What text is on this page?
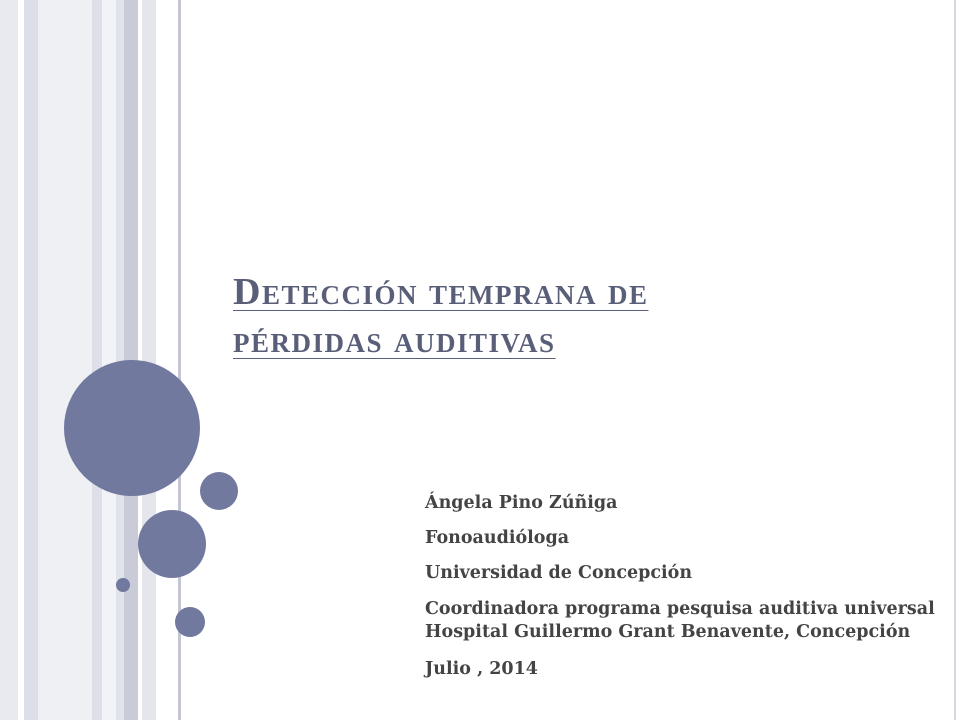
Detección temprana de
pérdidas auditivas
Ángela Pino Zúñiga
Fonoaudióloga
Universidad de Concepción
Coordinadora programa pesquisa auditiva universal Hospital Guillermo Grant Benavente, Concepción
Julio , 2014
